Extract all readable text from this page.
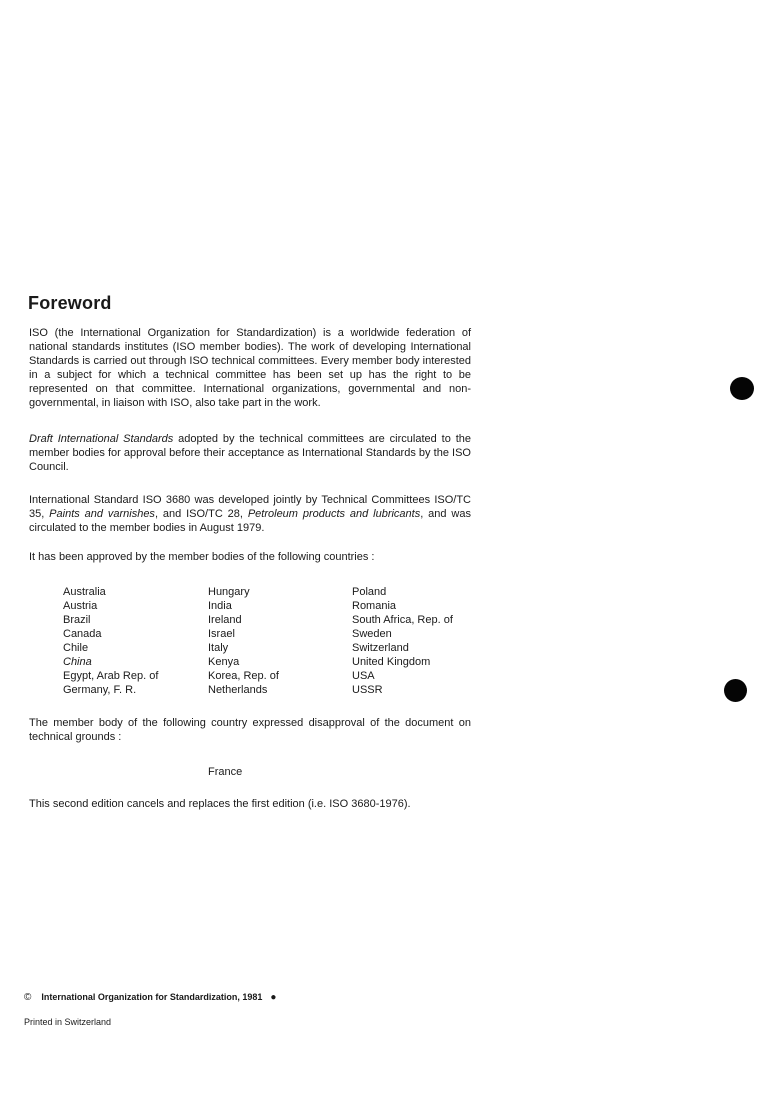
Foreword

ISO (the International Organization for Standardization) is a worldwide federation of national standards institutes (ISO member bodies). The work of developing International Standards is carried out through ISO technical committees. Every member body interested in a subject for which a technical committee has been set up has the right to be represented on that committee. International organizations, governmental and non-governmental, in liaison with ISO, also take part in the work.

Draft International Standards adopted by the technical committees are circulated to the member bodies for approval before their acceptance as International Standards by the ISO Council.

International Standard ISO 3680 was developed jointly by Technical Committees ISO/TC 35, Paints and varnishes, and ISO/TC 28, Petroleum products and lubricants, and was circulated to the member bodies in August 1979.

It has been approved by the member bodies of the following countries :

Australia
Austria
Brazil
Canada
Chile
China
Egypt, Arab Rep. of
Germany, F. R.
Hungary
India
Ireland
Israel
Italy
Kenya
Korea, Rep. of
Netherlands
Poland
Romania
South Africa, Rep. of
Sweden
Switzerland
United Kingdom
USA
USSR

The member body of the following country expressed disapproval of the document on technical grounds :

France

This second edition cancels and replaces the first edition (i.e. ISO 3680-1976).

© International Organization for Standardization, 1981 ●
Printed in Switzerland
